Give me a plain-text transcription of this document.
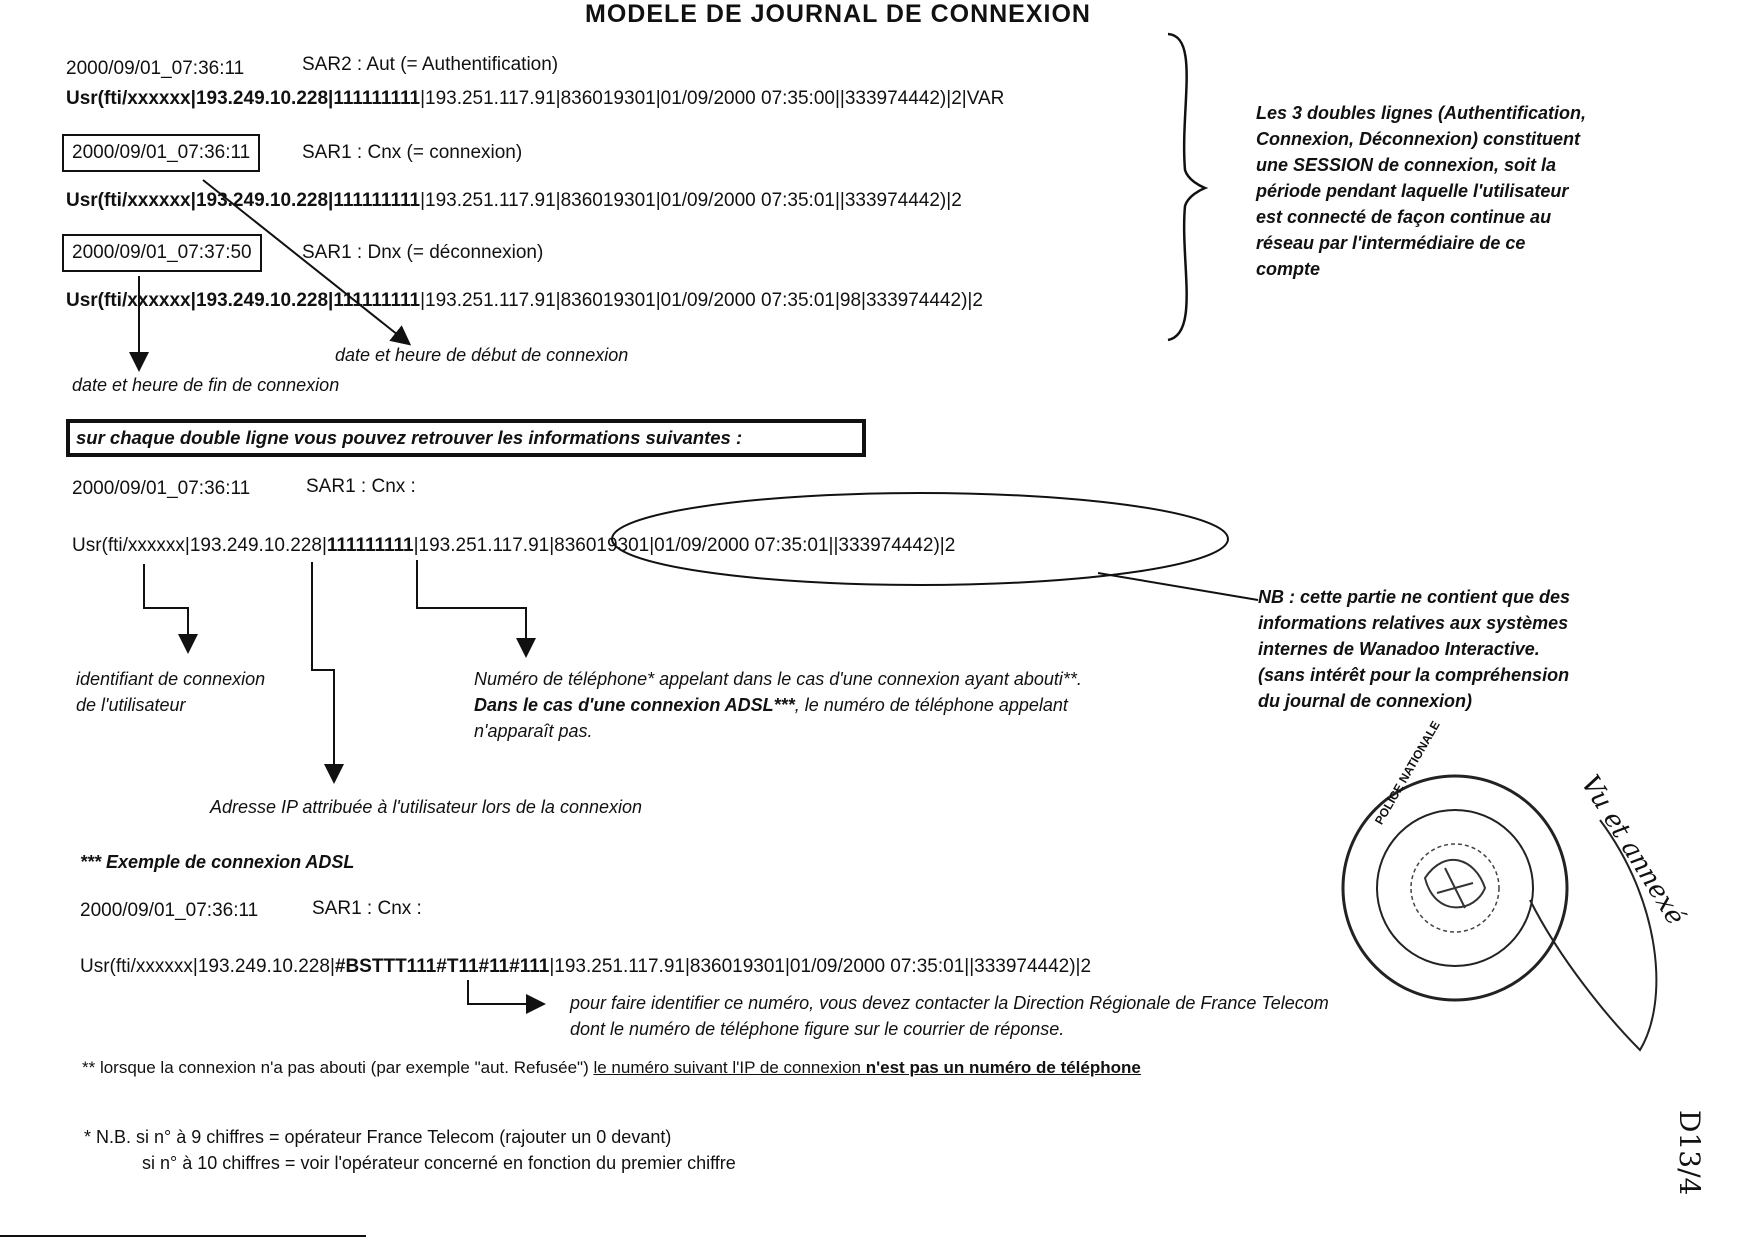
MODELE DE JOURNAL DE CONNEXION
2000/09/01_07:36:11	SAR2 : Aut (= Authentification)
Usr(fti/xxxxxx|193.249.10.228|111111111|193.251.117.91|836019301|01/09/2000 07:35:00||333974442)|2|VAR
2000/09/01_07:36:11	SAR1 : Cnx (= connexion)
Usr(fti/xxxxxx|193.249.10.228|111111111|193.251.117.91|836019301|01/09/2000 07:35:01||333974442)|2
2000/09/01_07:37:50	SAR1 : Dnx (= déconnexion)
Usr(fti/xxxxxx|193.249.10.228|111111111|193.251.117.91|836019301|01/09/2000 07:35:01|98|333974442)|2
date et heure de début de connexion
date et heure de fin de connexion
Les 3 doubles lignes (Authentification,
Connexion, Déconnexion) constituent
une SESSION de connexion, soit la
période pendant laquelle l'utilisateur
est connecté de façon continue au
réseau par l'intermédiaire de ce
compte
sur chaque double ligne vous pouvez retrouver les informations suivantes :
2000/09/01_07:36:11	SAR1 : Cnx :
Usr(fti/xxxxxx|193.249.10.228|111111111|193.251.117.91|836019301|01/09/2000 07:35:01||333974442)|2
NB : cette partie ne contient que des
informations relatives aux systèmes
internes de Wanadoo Interactive.
(sans intérêt pour la compréhension
du journal de connexion)
identifiant de connexion
de l'utilisateur
Numéro de téléphone* appelant dans le cas d'une connexion ayant abouti**.
Dans le cas d'une connexion ADSL***, le numéro de téléphone appelant
n'apparaît pas.
Adresse IP attribuée à l'utilisateur lors de la connexion
*** Exemple de connexion ADSL
2000/09/01_07:36:11	SAR1 : Cnx :
Usr(fti/xxxxxx|193.249.10.228|#BSTTT111#T11#11#111|193.251.117.91|836019301|01/09/2000 07:35:01||333974442)|2
pour faire identifier ce numéro, vous devez contacter la Direction Régionale de France Telecom
dont le numéro de téléphone figure sur le courrier de réponse.
** lorsque la connexion n'a pas abouti (par exemple "aut. Refusée") le numéro suivant l'IP de connexion n'est pas un numéro de téléphone
* N.B. si n° à 9 chiffres = opérateur France Telecom (rajouter un 0 devant)
si n° à 10 chiffres = voir l'opérateur concerné en fonction du premier chiffre
POLICE NATIONALE	Vu et annexé
D13/4
